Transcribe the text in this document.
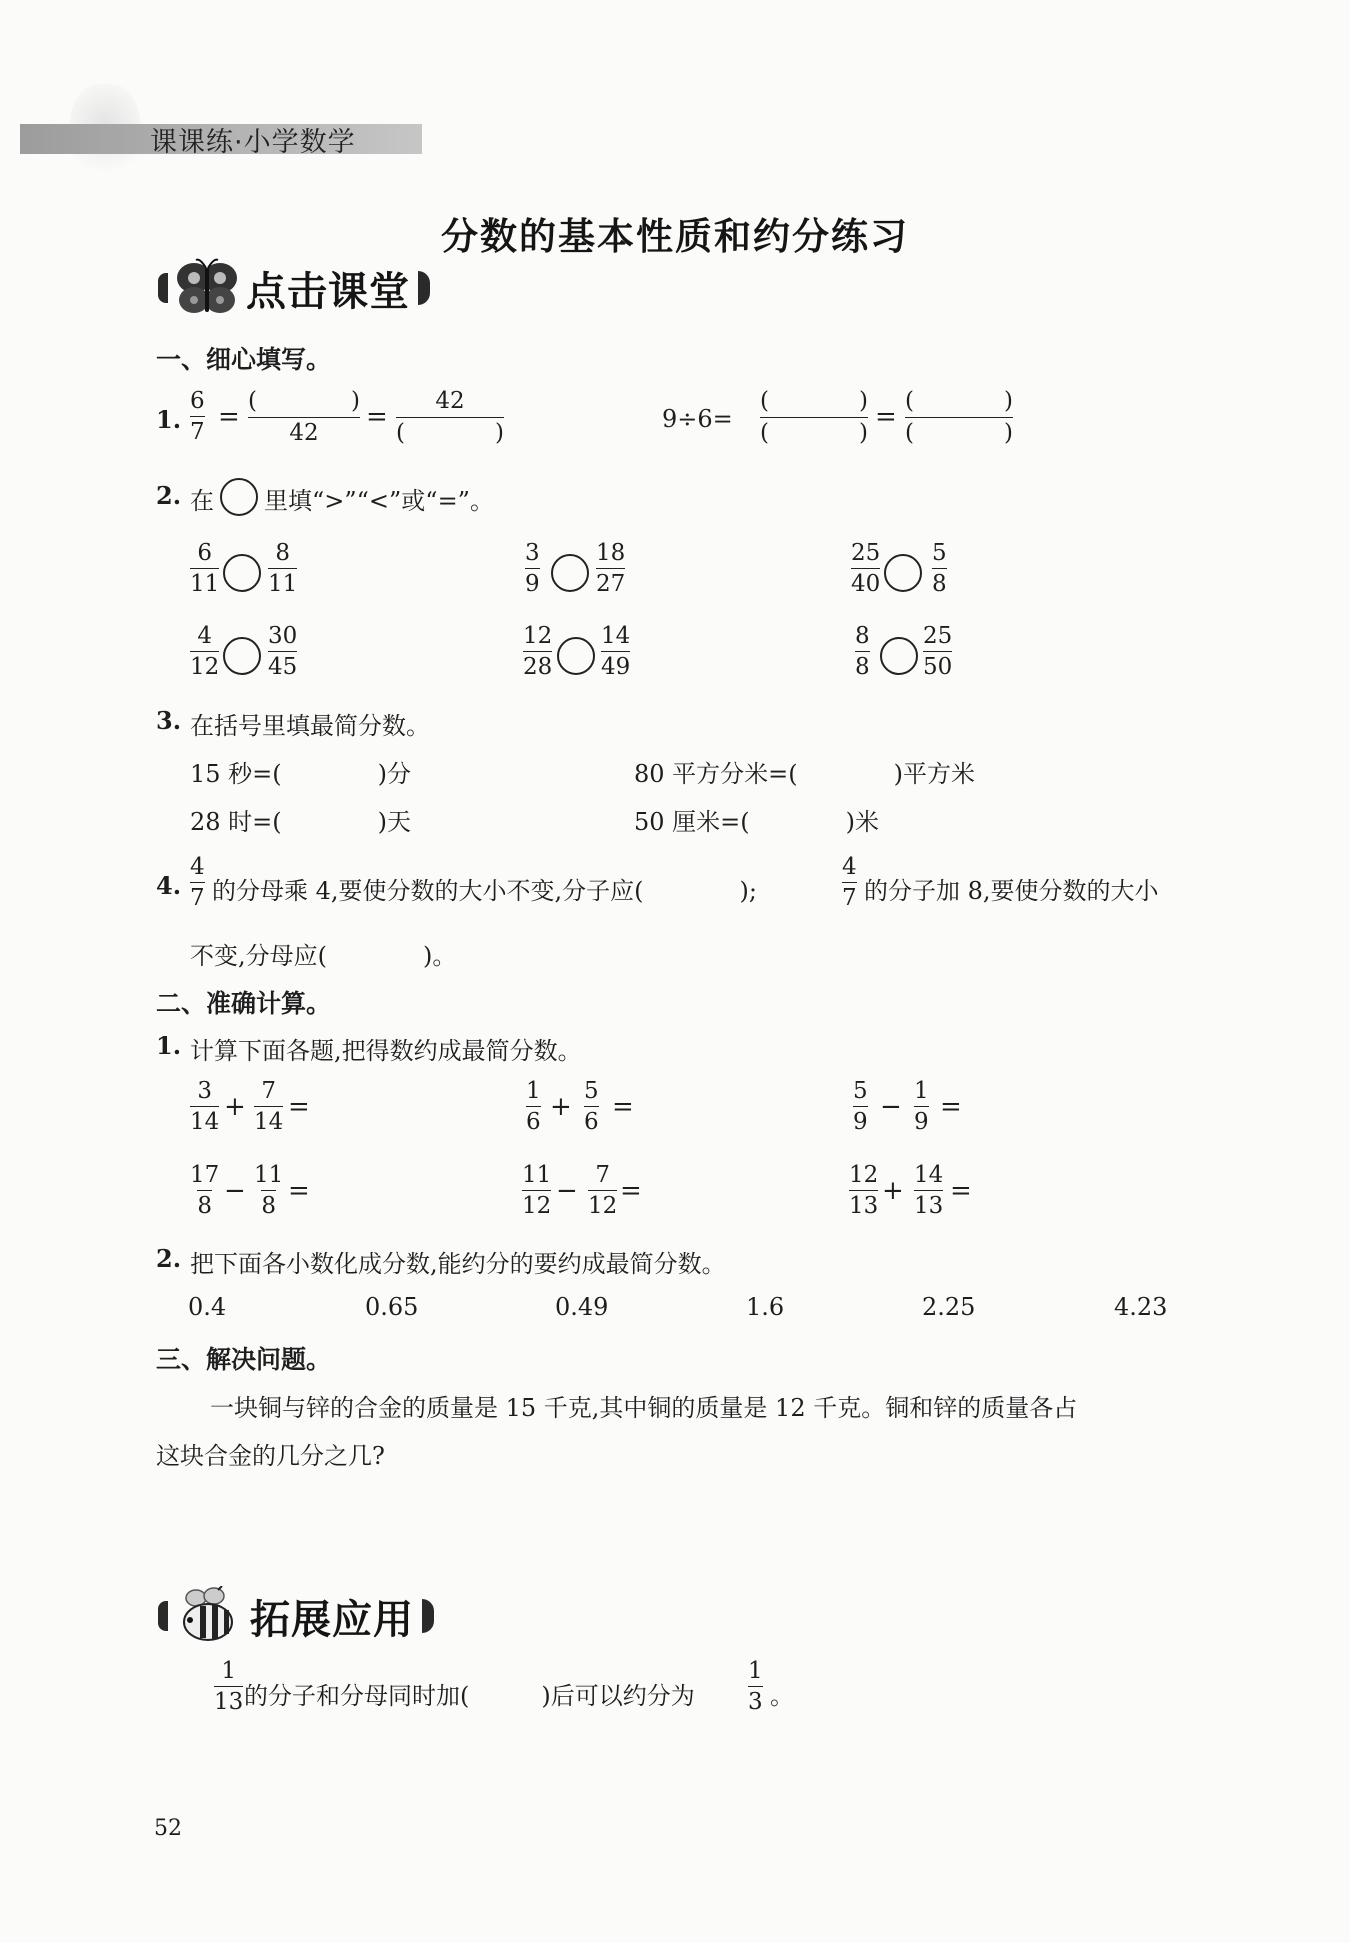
课课练·小学数学
分数的基本性质和约分练习
点击课堂
一、细心填写。
1. $\frac{6}{7}$ =
(	)
42
=
42
(	)	9÷6=
(	)
(	)
=
(	)
(	)
2. 在 里填“>”“<”或“=”。
$\frac{6}{11} \frac{8}{11}$	$\frac{3}{9} \frac{18}{27}$	$\frac{25}{40} \frac{5}{8}$
$\frac{4}{12} \frac{30}{45}$	$\frac{12}{28} \frac{14}{49}$	$\frac{8}{8} \frac{25}{50}$
3. 在括号里填最简分数。
15 秒=(　　　　)分	80 平方分米=(　　　　)平方米
28 时=(　　　　)天	50 厘米=(　　　　)米
4. $\frac{4}{7}$ 的分母乘 4,要使分数的大小不变,分子应(　　　　);	$\frac{4}{7}$ 的分子加 8,要使分数的大小
不变,分母应(　　　　)。
二、准确计算。
1. 计算下面各题,把得数约成最简分数。
$\frac{3}{14} + \frac{7}{14}$ =	$\frac{1}{6} + \frac{5}{6}$ =	$\frac{5}{9} - \frac{1}{9}$ =
$\frac{17}{8} - \frac{11}{8}$ =	$\frac{11}{12} - \frac{7}{12}$ =	$\frac{12}{13} + \frac{14}{13}$ =
2. 把下面各小数化成分数,能约分的要约成最简分数。
0.4	0.65	0.49	1.6	2.25	4.23
三、解决问题。
一块铜与锌的合金的质量是 15 千克,其中铜的质量是 12 千克。铜和锌的质量各占
这块合金的几分之几?
拓展应用
$\frac{1}{13}$ 的分子和分母同时加(　　　)后可以约分为 $\frac{1}{3}$ 。
52
